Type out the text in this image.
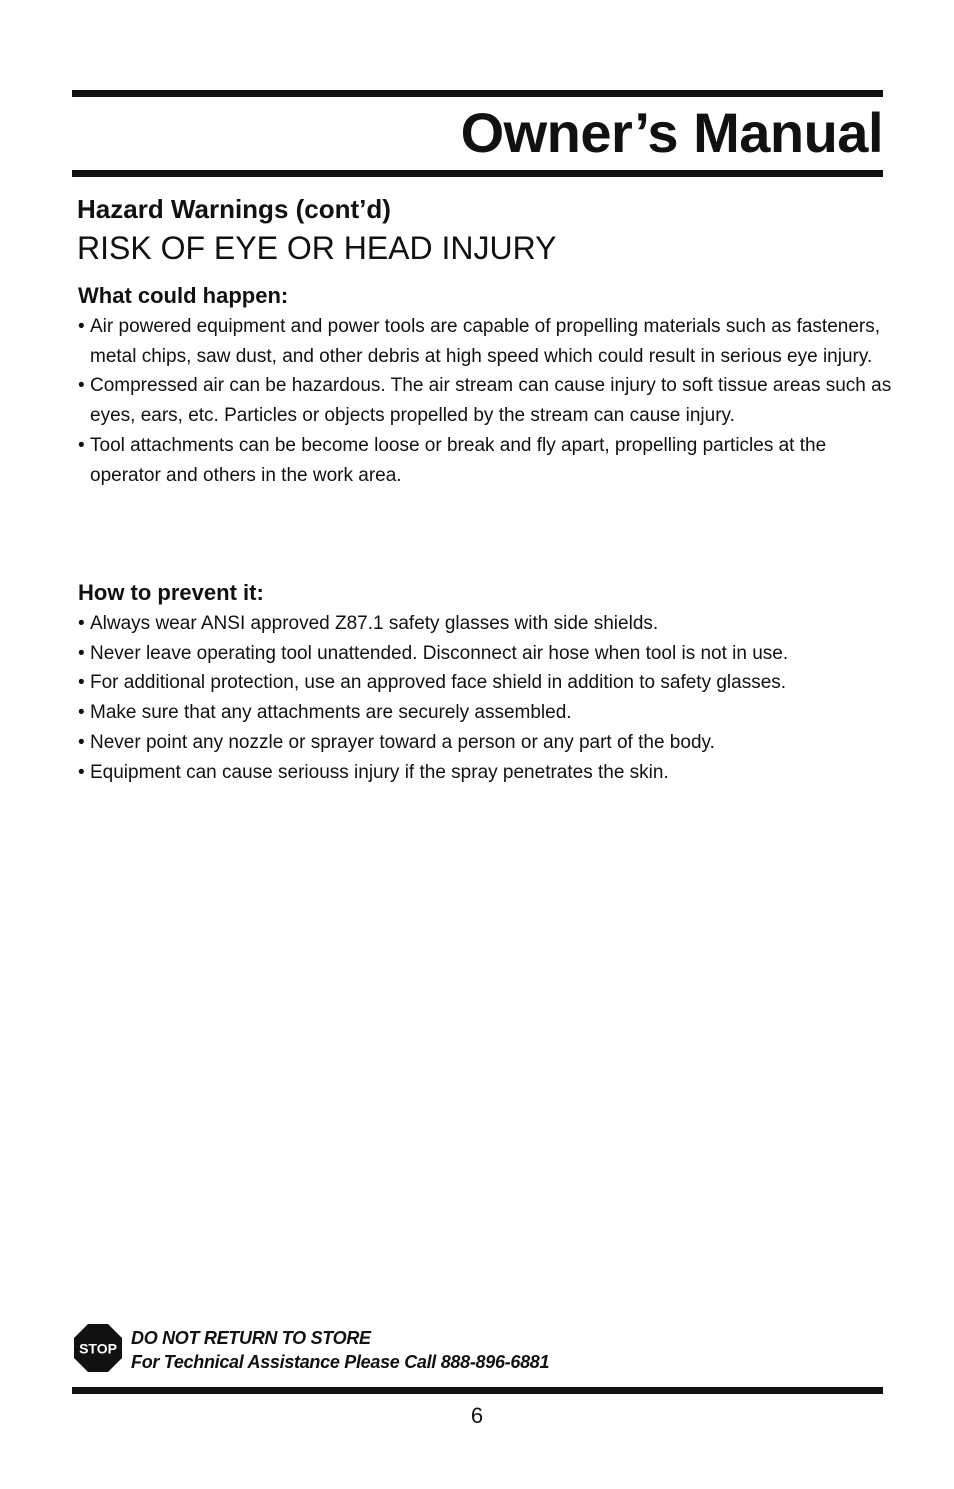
Owner’s Manual
Hazard Warnings (cont’d)
RISK OF EYE OR HEAD INJURY
What could happen:
• Air powered equipment and power tools are capable of propelling materials such as fasteners, metal chips, saw dust, and other debris at high speed which could result in serious eye injury.
• Compressed air can be hazardous. The air stream can cause injury to soft tissue areas such as eyes, ears, etc. Particles or objects propelled by the stream can cause injury.
• Tool attachments can be become loose or break and fly apart, propelling particles at the operator and others in the work area.
How to prevent it:
• Always wear ANSI approved Z87.1 safety glasses with side shields.
• Never leave operating tool unattended. Disconnect air hose when tool is not in use.
• For additional protection, use an approved face shield in addition to safety glasses.
• Make sure that any attachments are securely assembled.
• Never point any nozzle or sprayer toward a person or any part of the body.
• Equipment can cause seriouss injury if the spray penetrates the skin.
STOP
DO NOT RETURN TO STORE
For Technical Assistance Please Call 888-896-6881
6
